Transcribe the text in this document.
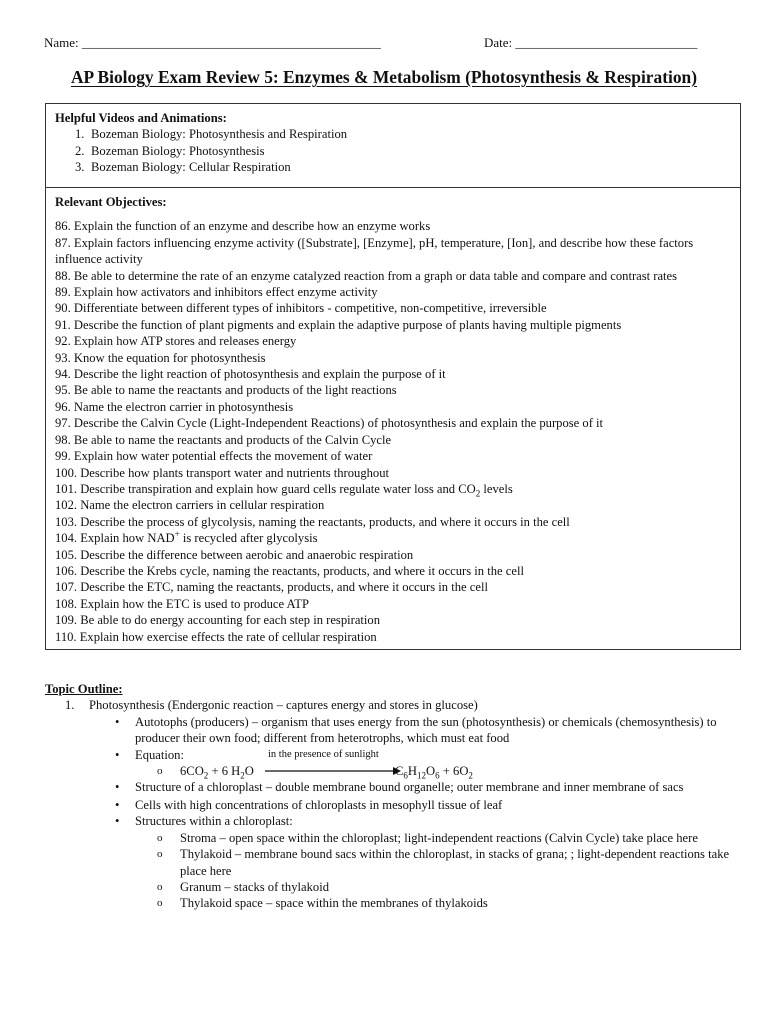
Name: ______________________________________________	Date: ____________________________
AP Biology Exam Review 5: Enzymes & Metabolism (Photosynthesis & Respiration)
Helpful Videos and Animations:
1. Bozeman Biology: Photosynthesis and Respiration
2. Bozeman Biology: Photosynthesis
3. Bozeman Biology: Cellular Respiration
Relevant Objectives:
86. Explain the function of an enzyme and describe how an enzyme works
87. Explain factors influencing enzyme activity ([Substrate], [Enzyme], pH, temperature, [Ion], and describe how these factors influence activity
88. Be able to determine the rate of an enzyme catalyzed reaction from a graph or data table and compare and contrast rates
89. Explain how activators and inhibitors effect enzyme activity
90. Differentiate between different types of inhibitors - competitive, non-competitive, irreversible
91. Describe the function of plant pigments and explain the adaptive purpose of plants having multiple pigments
92. Explain how ATP stores and releases energy
93. Know the equation for photosynthesis
94. Describe the light reaction of photosynthesis and explain the purpose of it
95. Be able to name the reactants and products of the light reactions
96. Name the electron carrier in photosynthesis
97. Describe the Calvin Cycle (Light-Independent Reactions) of photosynthesis and explain the purpose of it
98. Be able to name the reactants and products of the Calvin Cycle
99. Explain how water potential effects the movement of water
100. Describe how plants transport water and nutrients throughout
101. Describe transpiration and explain how guard cells regulate water loss and $CO_2$ levels
102. Name the electron carriers in cellular respiration
103. Describe the process of glycolysis, naming the reactants, products, and where it occurs in the cell
104. Explain how NAD+ is recycled after glycolysis
105. Describe the difference between aerobic and anaerobic respiration
106. Describe the Krebs cycle, naming the reactants, products, and where it occurs in the cell
107. Describe the ETC, naming the reactants, products, and where it occurs in the cell
108. Explain how the ETC is used to produce ATP
109. Be able to do energy accounting for each step in respiration
110. Explain how exercise effects the rate of cellular respiration
Topic Outline:
1.	Photosynthesis (Endergonic reaction – captures energy and stores in glucose)
• Autotophs (producers) – organism that uses energy from the sun (photosynthesis) or chemicals (chemosynthesis) to producer their own food; different from heterotrophs, which must eat food
• Equation:
o
in the presence of sunlight
$6CO_2 + 6$ $H_2O$	$C_6H_{12}O_6 + 6O_2$
• Structure of a chloroplast – double membrane bound organelle; outer membrane and inner membrane of sacs
• Cells with high concentrations of chloroplasts in mesophyll tissue of leaf
• Structures within a chloroplast:
o Stroma – open space within the chloroplast; light-independent reactions (Calvin Cycle) take place here
o Thylakoid – membrane bound sacs within the chloroplast, in stacks of grana; ; light-dependent reactions take place here
o Granum – stacks of thylakoid
o Thylakoid space – space within the membranes of thylakoids
